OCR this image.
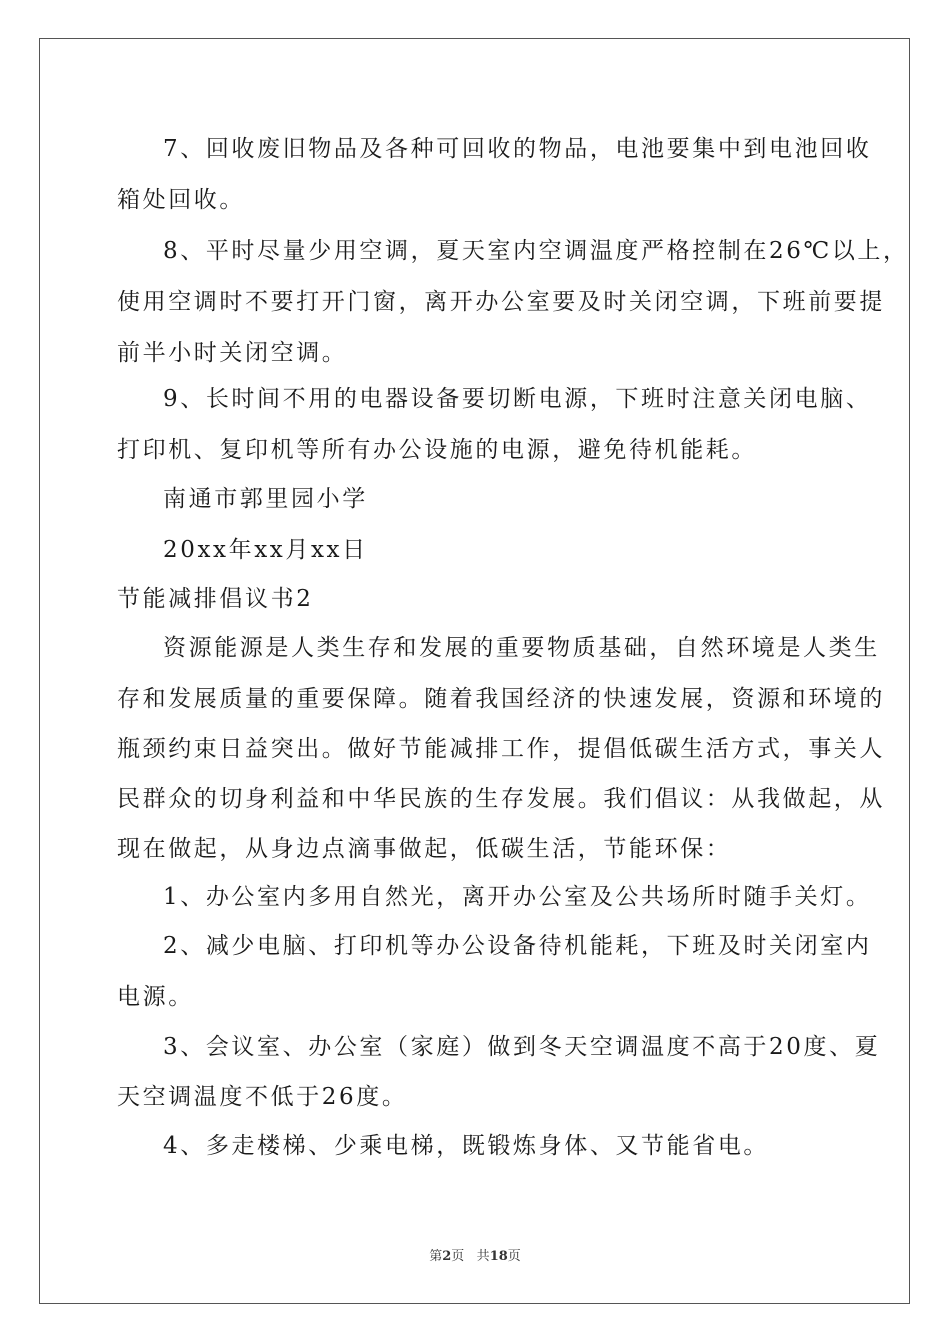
7、回收废旧物品及各种可回收的物品，电池要集中到电池回收
箱处回收。
8、平时尽量少用空调，夏天室内空调温度严格控制在26℃以上，
使用空调时不要打开门窗，离开办公室要及时关闭空调，下班前要提
前半小时关闭空调。
9、长时间不用的电器设备要切断电源，下班时注意关闭电脑、
打印机、复印机等所有办公设施的电源，避免待机能耗。
南通市郭里园小学
20xx年xx月xx日
节能减排倡议书2
资源能源是人类生存和发展的重要物质基础，自然环境是人类生
存和发展质量的重要保障。随着我国经济的快速发展，资源和环境的
瓶颈约束日益突出。做好节能减排工作，提倡低碳生活方式，事关人
民群众的切身利益和中华民族的生存发展。我们倡议：从我做起，从
现在做起，从身边点滴事做起，低碳生活，节能环保：
1、办公室内多用自然光，离开办公室及公共场所时随手关灯。
2、减少电脑、打印机等办公设备待机能耗，下班及时关闭室内
电源。
3、会议室、办公室（家庭）做到冬天空调温度不高于20度、夏
天空调温度不低于26度。
4、多走楼梯、少乘电梯，既锻炼身体、又节能省电。
第2页 共18页
